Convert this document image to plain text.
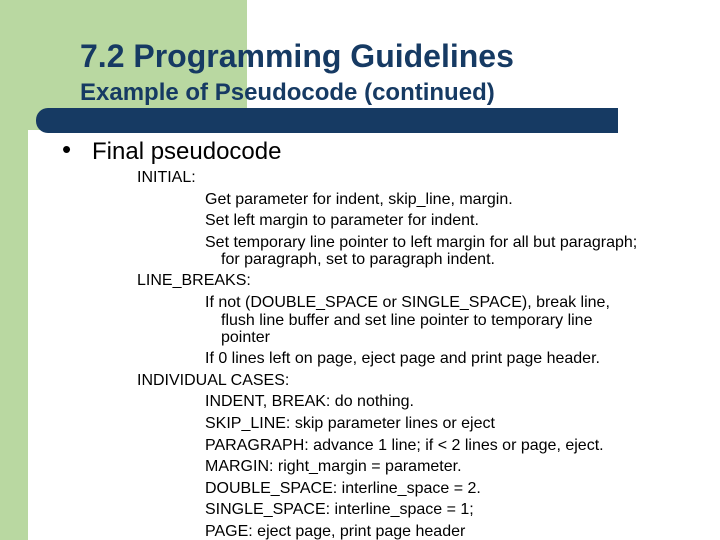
7.2 Programming Guidelines
Example of Pseudocode (continued)
• Final pseudocode
INITIAL:
Get parameter for indent, skip_line, margin.
Set left margin to parameter for indent.
Set temporary line pointer to left margin for all but paragraph;
for paragraph, set to paragraph indent.
LINE_BREAKS:
If not (DOUBLE_SPACE or SINGLE_SPACE), break line,
flush line buffer and set line pointer to temporary line
pointer
If 0 lines left on page, eject page and print page header.
INDIVIDUAL CASES:
INDENT, BREAK: do nothing.
SKIP_LINE: skip parameter lines or eject
PARAGRAPH: advance 1 line; if < 2 lines or page, eject.
MARGIN: right_margin = parameter.
DOUBLE_SPACE: interline_space = 2.
SINGLE_SPACE: interline_space = 1;
PAGE: eject page, print page header
